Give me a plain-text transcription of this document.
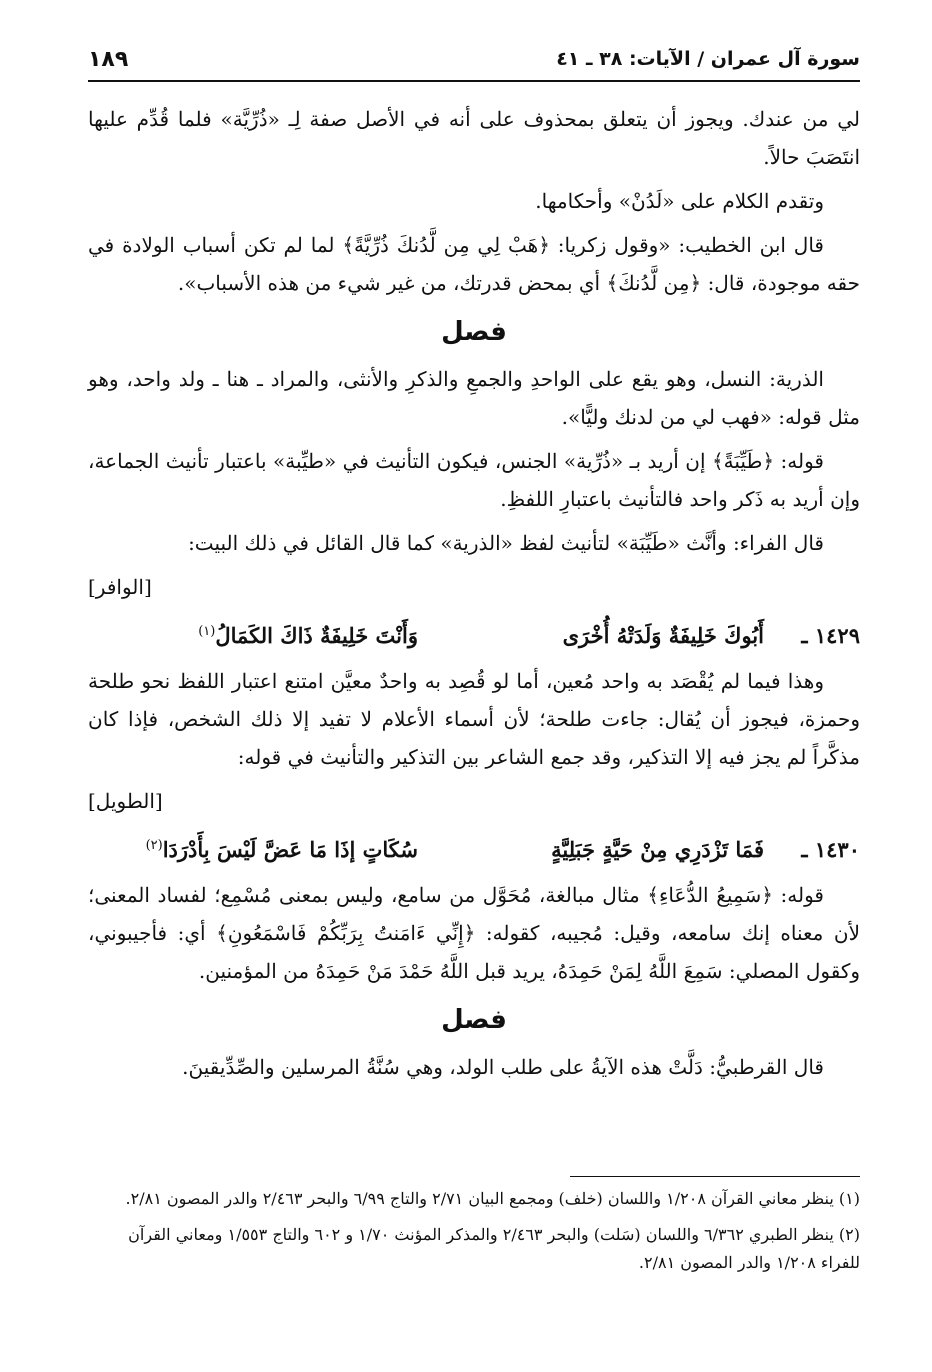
سورة آل عمران / الآيات: ٣٨ ـ ٤١
١٨٩

لي من عندك. ويجوز أن يتعلق بمحذوف على أنه في الأصل صفة لِـ «ذُرِّيَّة» فلما قُدِّم عليها انتَصَبَ حالاً.

وتقدم الكلام على «لَدُنْ» وأحكامها.

قال ابن الخطيب: «وقول زكريا: ﴿هَبْ لِي مِن لَّدُنكَ ذُرِّيَّةً﴾ لما لم تكن أسباب الولادة في حقه موجودة، قال: ﴿مِن لَّدُنكَ﴾ أي بمحض قدرتك، من غير شيء من هذه الأسباب».

فصل

الذرية: النسل، وهو يقع على الواحدِ والجمعِ والذكرِ والأنثى، والمراد ـ هنا ـ ولد واحد، وهو مثل قوله: «فهب لي من لدنك وليًّا».

قوله: ﴿طَيِّبَةً﴾ إن أريد بـ «ذُرِّية» الجنس، فيكون التأنيث في «طيِّبة» باعتبار تأنيث الجماعة، وإن أريد به ذَكر واحد فالتأنيث باعتبارِ اللفظِ.

قال الفراء: وأنَّث «طَيِّبَة» لتأنيث لفظ «الذرية» كما قال القائل في ذلك البيت:

[الوافر]
١٤٢٩ ـ
أَبُوكَ خَلِيفَةٌ وَلَدَتْهُ أُخْرَى
وَأَنْتَ خَلِيفَةٌ ذَاكَ الكَمَالُ$^{(١)}$

وهذا فيما لم يُقْصَد به واحد مُعين، أما لو قُصِد به واحدٌ معيَّن امتنع اعتبار اللفظ نحو طلحة وحمزة، فيجوز أن يُقال: جاءت طلحة؛ لأن أسماء الأعلام لا تفيد إلا ذلك الشخص، فإذا كان مذكَّراً لم يجز فيه إلا التذكير، وقد جمع الشاعر بين التذكير والتأنيث في قوله:

[الطويل]
١٤٣٠ ـ
فَمَا تَزْدَرِي مِنْ حَيَّةٍ جَبَلِيَّةٍ
سُكَاتٍ إذَا مَا عَضَّ لَيْسَ بِأَدْرَدَا$^{(٢)}$

قوله: ﴿سَمِيعُ الدُّعَاءِ﴾ مثال مبالغة، مُحَوَّل من سامع، وليس بمعنى مُسْمِع؛ لفساد المعنى؛ لأن معناه إنك سامعه، وقيل: مُجيبه، كقوله: ﴿إِنِّي ءَامَنتُ بِرَبِّكُمْ فَاسْمَعُونِ﴾ أي: فأجيبوني، وكقول المصلي: سَمِعَ اللَّهُ لِمَنْ حَمِدَهُ، يريد قبل اللَّهُ حَمْدَ مَنْ حَمِدَهُ من المؤمنين.

فصل

قال القرطبيُّ: دَلَّتْ هذه الآيةُ على طلب الولد، وهي سُنَّةُ المرسلين والصِّدِّيقينَ.

(١) ينظر معاني القرآن ١/٢٠٨ واللسان (خلف) ومجمع البيان ٢/٧١ والتاج ٦/٩٩ والبحر ٢/٤٦٣ والدر المصون ٢/٨١.

(٢) ينظر الطبري ٦/٣٦٢ واللسان (سَلت) والبحر ٢/٤٦٣ والمذكر المؤنث ١/٧٠ و ٦٠٢ والتاج ١/٥٥٣ ومعاني القرآن للفراء ١/٢٠٨ والدر المصون ٢/٨١.
